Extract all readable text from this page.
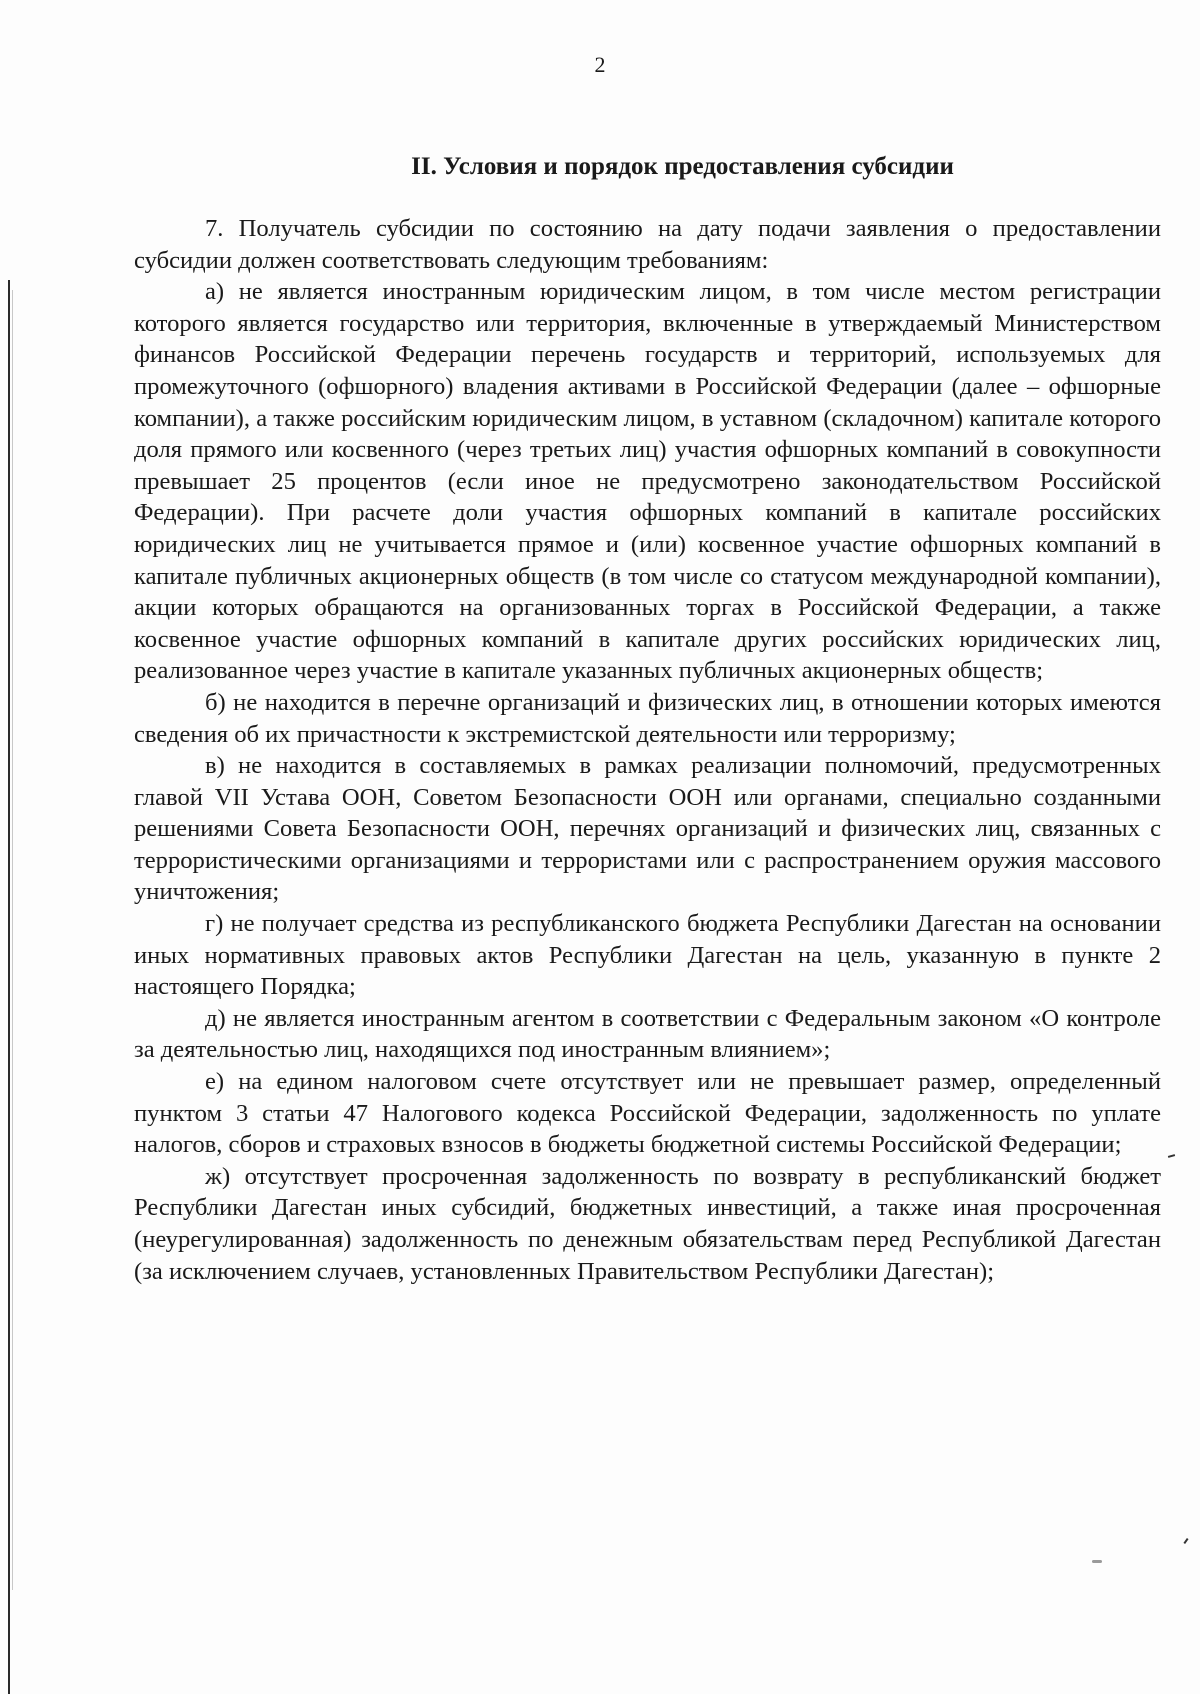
2

II. Условия и порядок предоставления субсидии

7. Получатель субсидии по состоянию на дату подачи заявления о предоставлении субсидии должен соответствовать следующим требованиям:

а) не является иностранным юридическим лицом, в том числе местом регистрации которого является государство или территория, включенные в утверждаемый Министерством финансов Российской Федерации перечень государств и территорий, используемых для промежуточного (офшорного) владения активами в Российской Федерации (далее – офшорные компании), а также российским юридическим лицом, в уставном (складочном) капитале которого доля прямого или косвенного (через третьих лиц) участия офшорных компаний в совокупности превышает 25 процентов (если иное не предусмотрено законодательством Российской Федерации). При расчете доли участия офшорных компаний в капитале российских юридических лиц не учитывается прямое и (или) косвенное участие офшорных компаний в капитале публичных акционерных обществ (в том числе со статусом международной компании), акции которых обращаются на организованных торгах в Российской Федерации, а также косвенное участие офшорных компаний в капитале других российских юридических лиц, реализованное через участие в капитале указанных публичных акционерных обществ;

б) не находится в перечне организаций и физических лиц, в отношении которых имеются сведения об их причастности к экстремистской деятельности или терроризму;

в) не находится в составляемых в рамках реализации полномочий, предусмотренных главой VII Устава ООН, Советом Безопасности ООН или органами, специально созданными решениями Совета Безопасности ООН, перечнях организаций и физических лиц, связанных с террористическими организациями и террористами или с распространением оружия массового уничтожения;

г) не получает средства из республиканского бюджета Республики Дагестан на основании иных нормативных правовых актов Республики Дагестан на цель, указанную в пункте 2 настоящего Порядка;

д) не является иностранным агентом в соответствии с Федеральным законом «О контроле за деятельностью лиц, находящихся под иностранным влиянием»;

е) на едином налоговом счете отсутствует или не превышает размер, определенный пунктом 3 статьи 47 Налогового кодекса Российской Федерации, задолженность по уплате налогов, сборов и страховых взносов в бюджеты бюджетной системы Российской Федерации;

ж) отсутствует просроченная задолженность по возврату в республиканский бюджет Республики Дагестан иных субсидий, бюджетных инвестиций, а также иная просроченная (неурегулированная) задолженность по денежным обязательствам перед Республикой Дагестан (за исключением случаев, установленных Правительством Республики Дагестан);
